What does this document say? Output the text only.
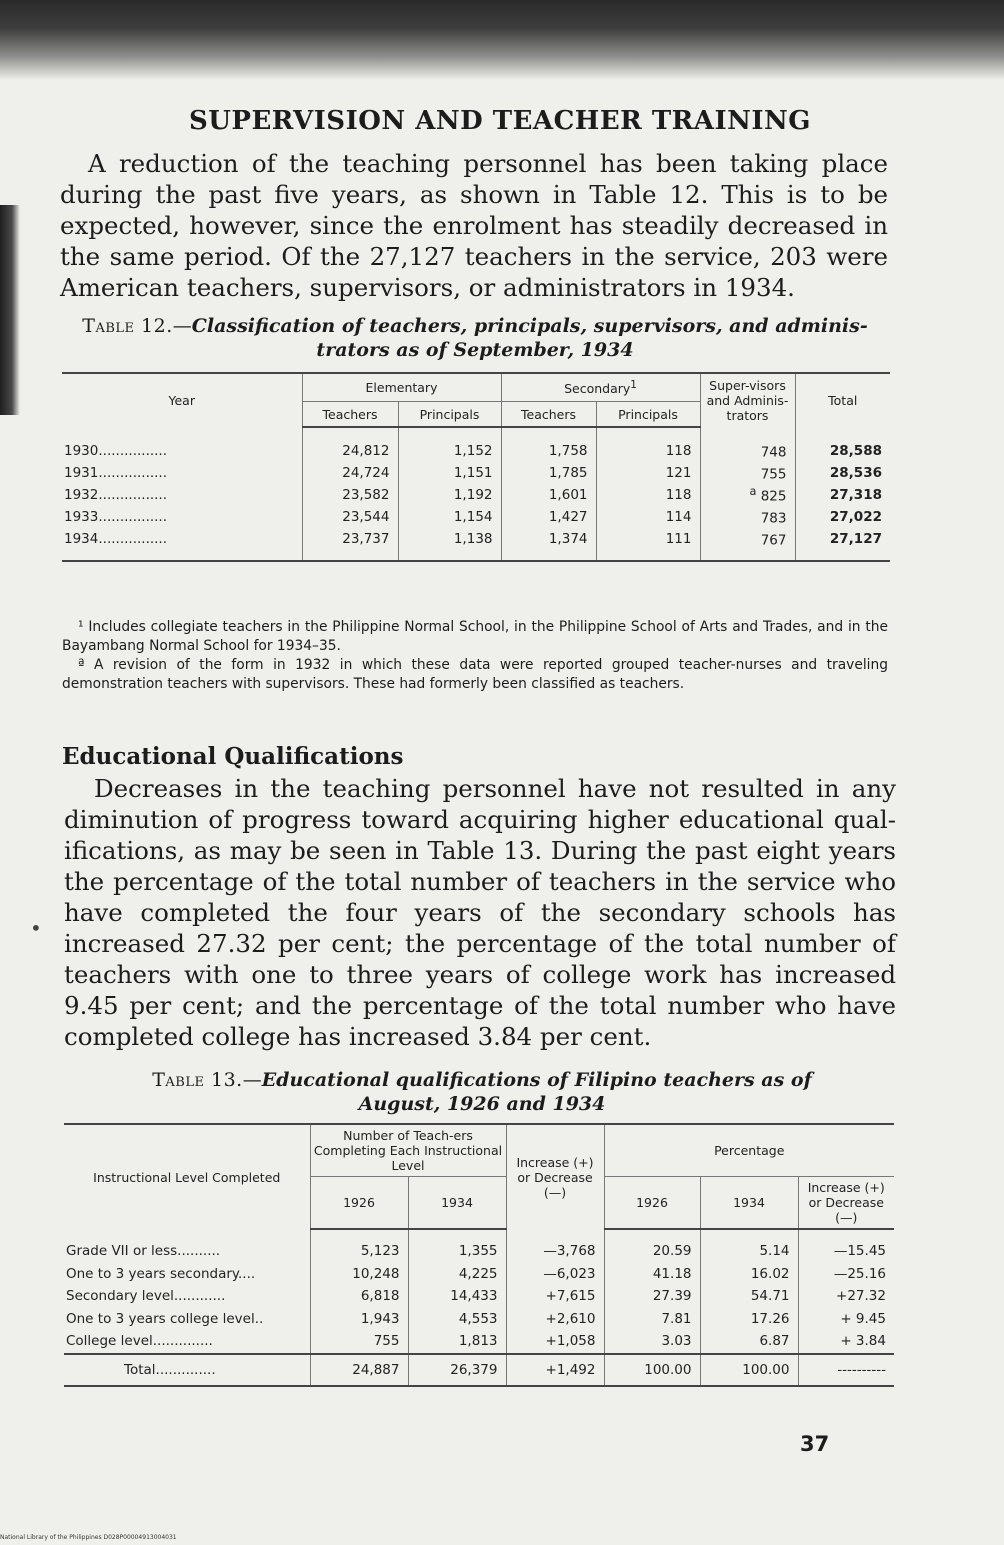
•
SUPERVISION AND TEACHER TRAINING
A reduction of the teaching personnel has been taking place during the past five years, as shown in Table 12. This is to be expected, however, since the enrolment has steadily decreased in the same period. Of the 27,127 teachers in the service, 203 were American teachers, supervisors, or administrators in 1934.
Table 12.—Classification of teachers, principals, supervisors, and adminis-
trators as of September, 1934
Year	Elementary		Secondary$^1$		Super-visors and Adminis-trators	Total
	Teachers	Principals	Teachers	Principals		
1930................	24,812	1,152	1,758	118	748	28,588
1931................	24,724	1,151	1,785	121	755	28,536
1932................	23,582	1,192	1,601	118	$^a$ 825	27,318
1933................	23,544	1,154	1,427	114	783	27,022
1934................	23,737	1,138	1,374	111	767	27,127

¹ Includes collegiate teachers in the Philippine Normal School, in the Philippine School of Arts and Trades, and in the Bayambang Normal School for 1934–35.

ª A revision of the form in 1932 in which these data were reported grouped teacher-nurses and traveling demonstration teachers with supervisors. These had formerly been classified as teachers.

Educational Qualifications
Decreases in the teaching personnel have not resulted in any diminution of progress toward acquiring higher educational qual- ifications, as may be seen in Table 13. During the past eight years the percentage of the total number of teachers in the service who have completed the four years of the secondary schools has increased 27.32 per cent; the percentage of the total number of teachers with one to three years of college work has increased 9.45 per cent; and the percentage of the total number who have completed college has increased 3.84 per cent.
Table 13.—Educational qualifications of Filipino teachers as of
August, 1926 and 1934
Instructional Level Completed	Number of Teach-ers Completing Each Instructional Level		Increase (+) or Decrease (—)	Percentage		
	1926	1934		1926	1934	Increase (+) or Decrease (—)
Grade VII or less..........	5,123	1,355	—3,768	20.59	5.14	—15.45
One to 3 years secondary....	10,248	4,225	—6,023	41.18	16.02	—25.16
Secondary level............	6,818	14,433	+7,615	27.39	54.71	+27.32
One to 3 years college level..	1,943	4,553	+2,610	7.81	17.26	+ 9.45
College level..............	755	1,813	+1,058	3.03	6.87	+ 3.84
Total..............	24,887	26,379	+1,492	100.00	100.00	----------
37
National Library of the Philippines D028P00004913004031
